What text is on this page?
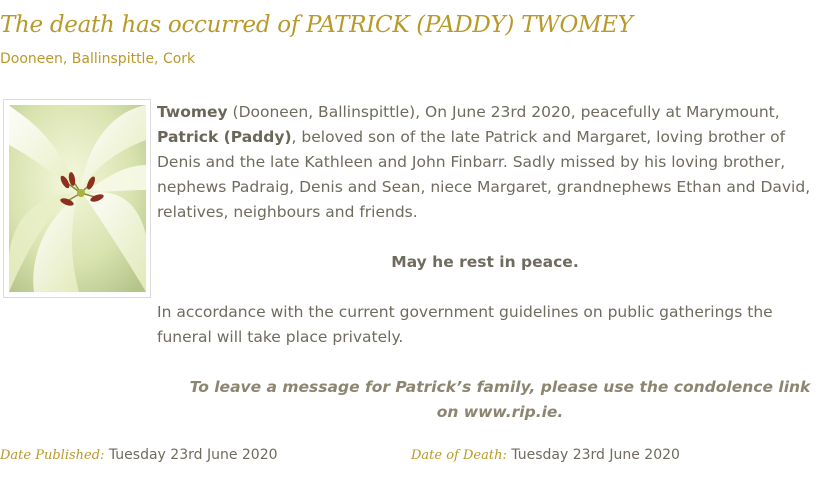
The death has occurred of PATRICK (PADDY) TWOMEY
Dooneen, Ballinspittle, Cork

Twomey (Dooneen, Ballinspittle), On June 23rd 2020, peacefully at Marymount, Patrick (Paddy), beloved son of the late Patrick and Margaret, loving brother of Denis and the late Kathleen and John Finbarr. Sadly missed by his loving brother, nephews Padraig, Denis and Sean, niece Margaret, grandnephews Ethan and David, relatives, neighbours and friends.

May he rest in peace.

In accordance with the current government guidelines on public gatherings the funeral will take place privately.

To leave a message for Patrick’s family, please use the condolence link on www.rip.ie.

Date Published: Tuesday 23rd June 2020	Date of Death: Tuesday 23rd June 2020
